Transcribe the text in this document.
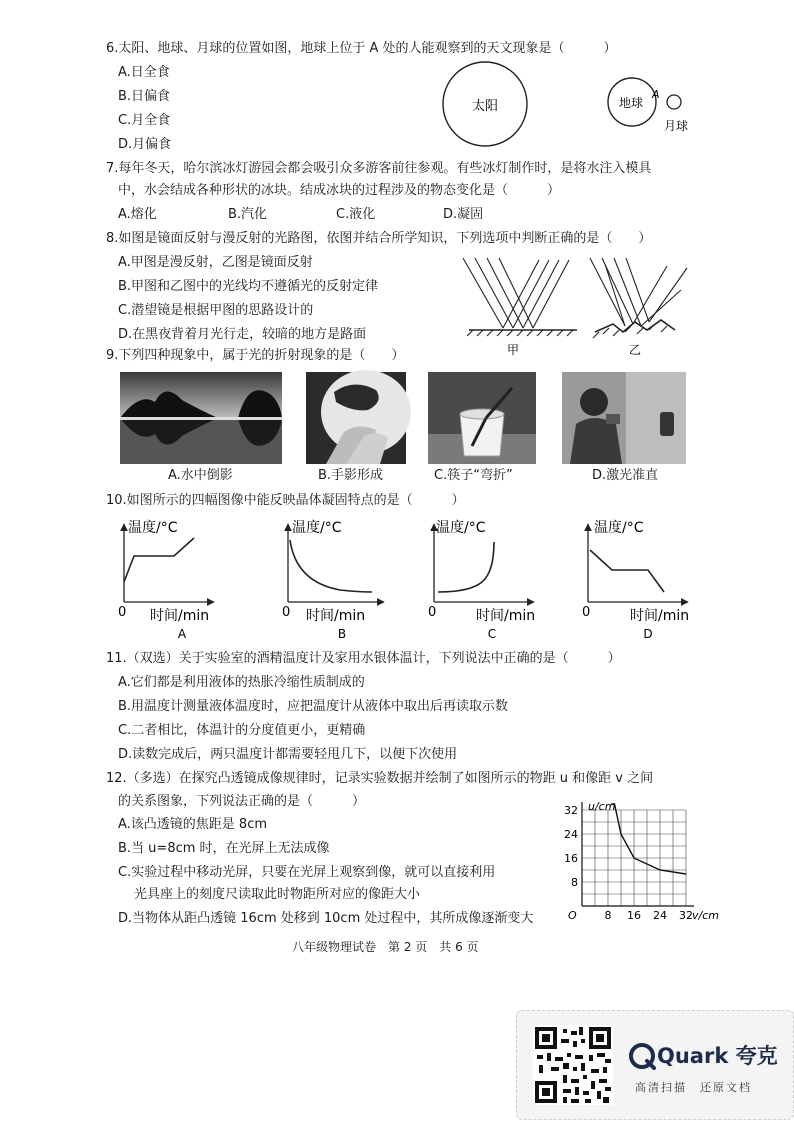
6.太阳、地球、月球的位置如图，地球上位于 A 处的人能观察到的天文现象是（　　　）
A.日全食
B.日偏食
C.月全食
D.月偏食
太阳	地球
A
月球
7.每年冬天，哈尔滨冰灯游园会都会吸引众多游客前往参观。有些冰灯制作时，是将水注入模具
中，水会结成各种形状的冰块。结成冰块的过程涉及的物态变化是（　　　）
A.熔化	B.汽化	C.液化	D.凝固
8.如图是镜面反射与漫反射的光路图，依图并结合所学知识，下列选项中判断正确的是（　　）
A.甲图是漫反射，乙图是镜面反射
B.甲图和乙图中的光线均不遵循光的反射定律
C.潜望镜是根据甲图的思路设计的
D.在黑夜背着月光行走，较暗的地方是路面
甲	乙
9.下列四种现象中，属于光的折射现象的是（　　）
A.水中倒影	B.手影形成	C.筷子“弯折”	D.激光准直
10.如图所示的四幅图像中能反映晶体凝固特点的是（　　　）
温度/°C
0 时间/min
A
温度/°C
0 时间/min
B
温度/°C
0	时间/min
C
温度/°C
0	时间/min
D
11.（双选）关于实验室的酒精温度计及家用水银体温计，下列说法中正确的是（　　　）
A.它们都是利用液体的热胀冷缩性质制成的
B.用温度计测量液体温度时，应把温度计从液体中取出后再读取示数
C.二者相比，体温计的分度值更小，更精确
D.读数完成后，两只温度计都需要轻甩几下，以便下次使用
12.（多选）在探究凸透镜成像规律时，记录实验数据并绘制了如图所示的物距 u 和像距 v 之间
的关系图象，下列说法正确的是（　　　）
A.该凸透镜的焦距是 8cm
B.当 u=8cm 时，在光屏上无法成像
C.实验过程中移动光屏，只要在光屏上观察到像，就可以直接利用
光具座上的刻度尺读取此时物距所对应的像距大小
D.当物体从距凸透镜 16cm 处移到 10cm 处过程中，其所成像逐渐变大	8 16 24 32
8
16
24
32
O	v/cm
u/cm
八年级物理试卷　第 2 页　共 6 页
Quark 夸克
高清扫描　还原文档
